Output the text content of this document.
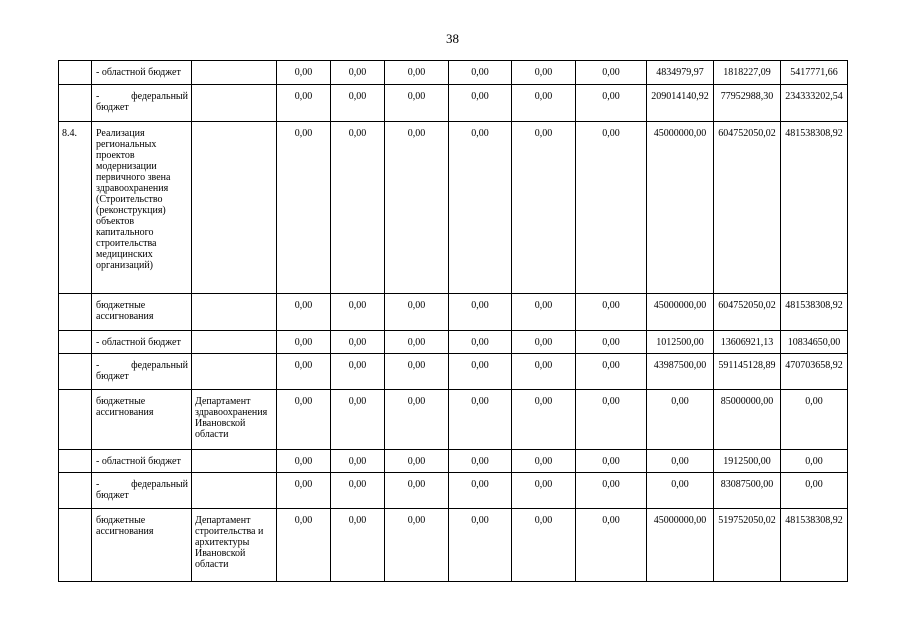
38
	- областной бюджет		0,00	0,00	0,00	0,00	0,00	0,00	4834979,97	1818227,09	5417771,66

	- федеральный
бюджет		0,00	0,00	0,00	0,00	0,00	0,00	209014140,92	77952988,30	234333202,54
8.4.	Реализация региональных проектов модернизации первичного звена здравоохранения (Строительство (реконструкция) объектов капитального строительства медицинских организаций)		0,00	0,00	0,00	0,00	0,00	0,00	45000000,00	604752050,02	481538308,92
	бюджетные ассигнования		0,00	0,00	0,00	0,00	0,00	0,00	45000000,00	604752050,02	481538308,92
	- областной бюджет		0,00	0,00	0,00	0,00	0,00	0,00	1012500,00	13606921,13	10834650,00

	- федеральный
бюджет		0,00	0,00	0,00	0,00	0,00	0,00	43987500,00	591145128,89	470703658,92
	бюджетные ассигнования	Департамент здравоохранения Ивановской области	0,00	0,00	0,00	0,00	0,00	0,00	0,00	85000000,00	0,00
	- областной бюджет		0,00	0,00	0,00	0,00	0,00	0,00	0,00	1912500,00	0,00

	- федеральный
бюджет		0,00	0,00	0,00	0,00	0,00	0,00	0,00	83087500,00	0,00
	бюджетные ассигнования	Департамент строительства и архитектуры Ивановской области	0,00	0,00	0,00	0,00	0,00	0,00	45000000,00	519752050,02	481538308,92
